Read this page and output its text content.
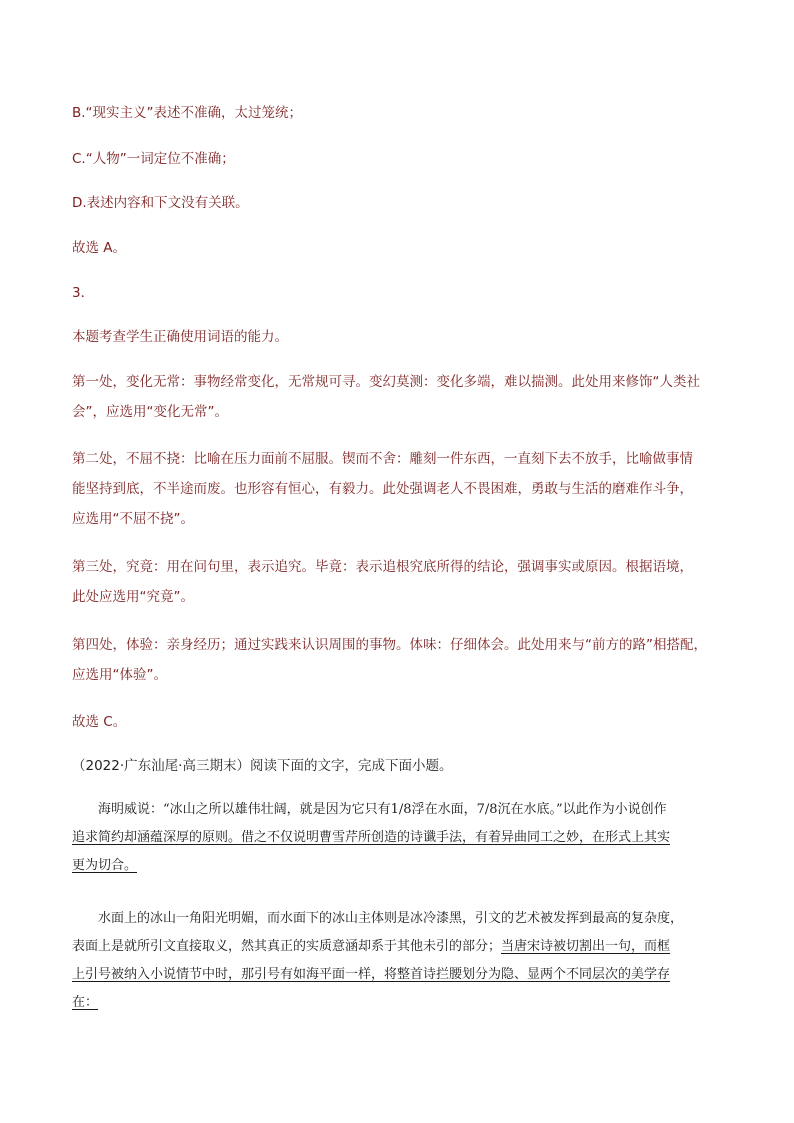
B.“现实主义”表述不准确，太过笼统；
C.“人物”一词定位不准确；
D.表述内容和下文没有关联。
故选 A。
3．
本题考查学生正确使用词语的能力。
第一处，变化无常：事物经常变化，无常规可寻。变幻莫测：变化多端，难以揣测。此处用来修饰“人类社
会”，应选用“变化无常”。
第二处，不屈不挠：比喻在压力面前不屈服。锲而不舍：雕刻一件东西，一直刻下去不放手，比喻做事情
能坚持到底，不半途而废。也形容有恒心，有毅力。此处强调老人不畏困难，勇敢与生活的磨难作斗争，
应选用“不屈不挠”。
第三处，究竟：用在问句里，表示追究。毕竟：表示追根究底所得的结论，强调事实或原因。根据语境，
此处应选用“究竟”。
第四处，体验：亲身经历；通过实践来认识周围的事物。体味：仔细体会。此处用来与“前方的路”相搭配，
应选用“体验”。
故选 C。
（2022·广东汕尾·高三期末）阅读下面的文字，完成下面小题。
海明威说：“冰山之所以雄伟壮阔，就是因为它只有1/8浮在水面，7/8沉在水底。”以此作为小说创作
追求简约却涵蕴深厚的原则。借之不仅说明曹雪芹所创造的诗谶手法，有着异曲同工之妙，在形式上其实
更为切合。
水面上的冰山一角阳光明媚，而水面下的冰山主体则是冰冷漆黑，引文的艺术被发挥到最高的复杂度，
表面上是就所引文直接取义，然其真正的实质意涵却系于其他未引的部分；当唐宋诗被切割出一句，而框
上引号被纳入小说情节中时，那引号有如海平面一样，将整首诗拦腰划分为隐、显两个不同层次的美学存
在：
